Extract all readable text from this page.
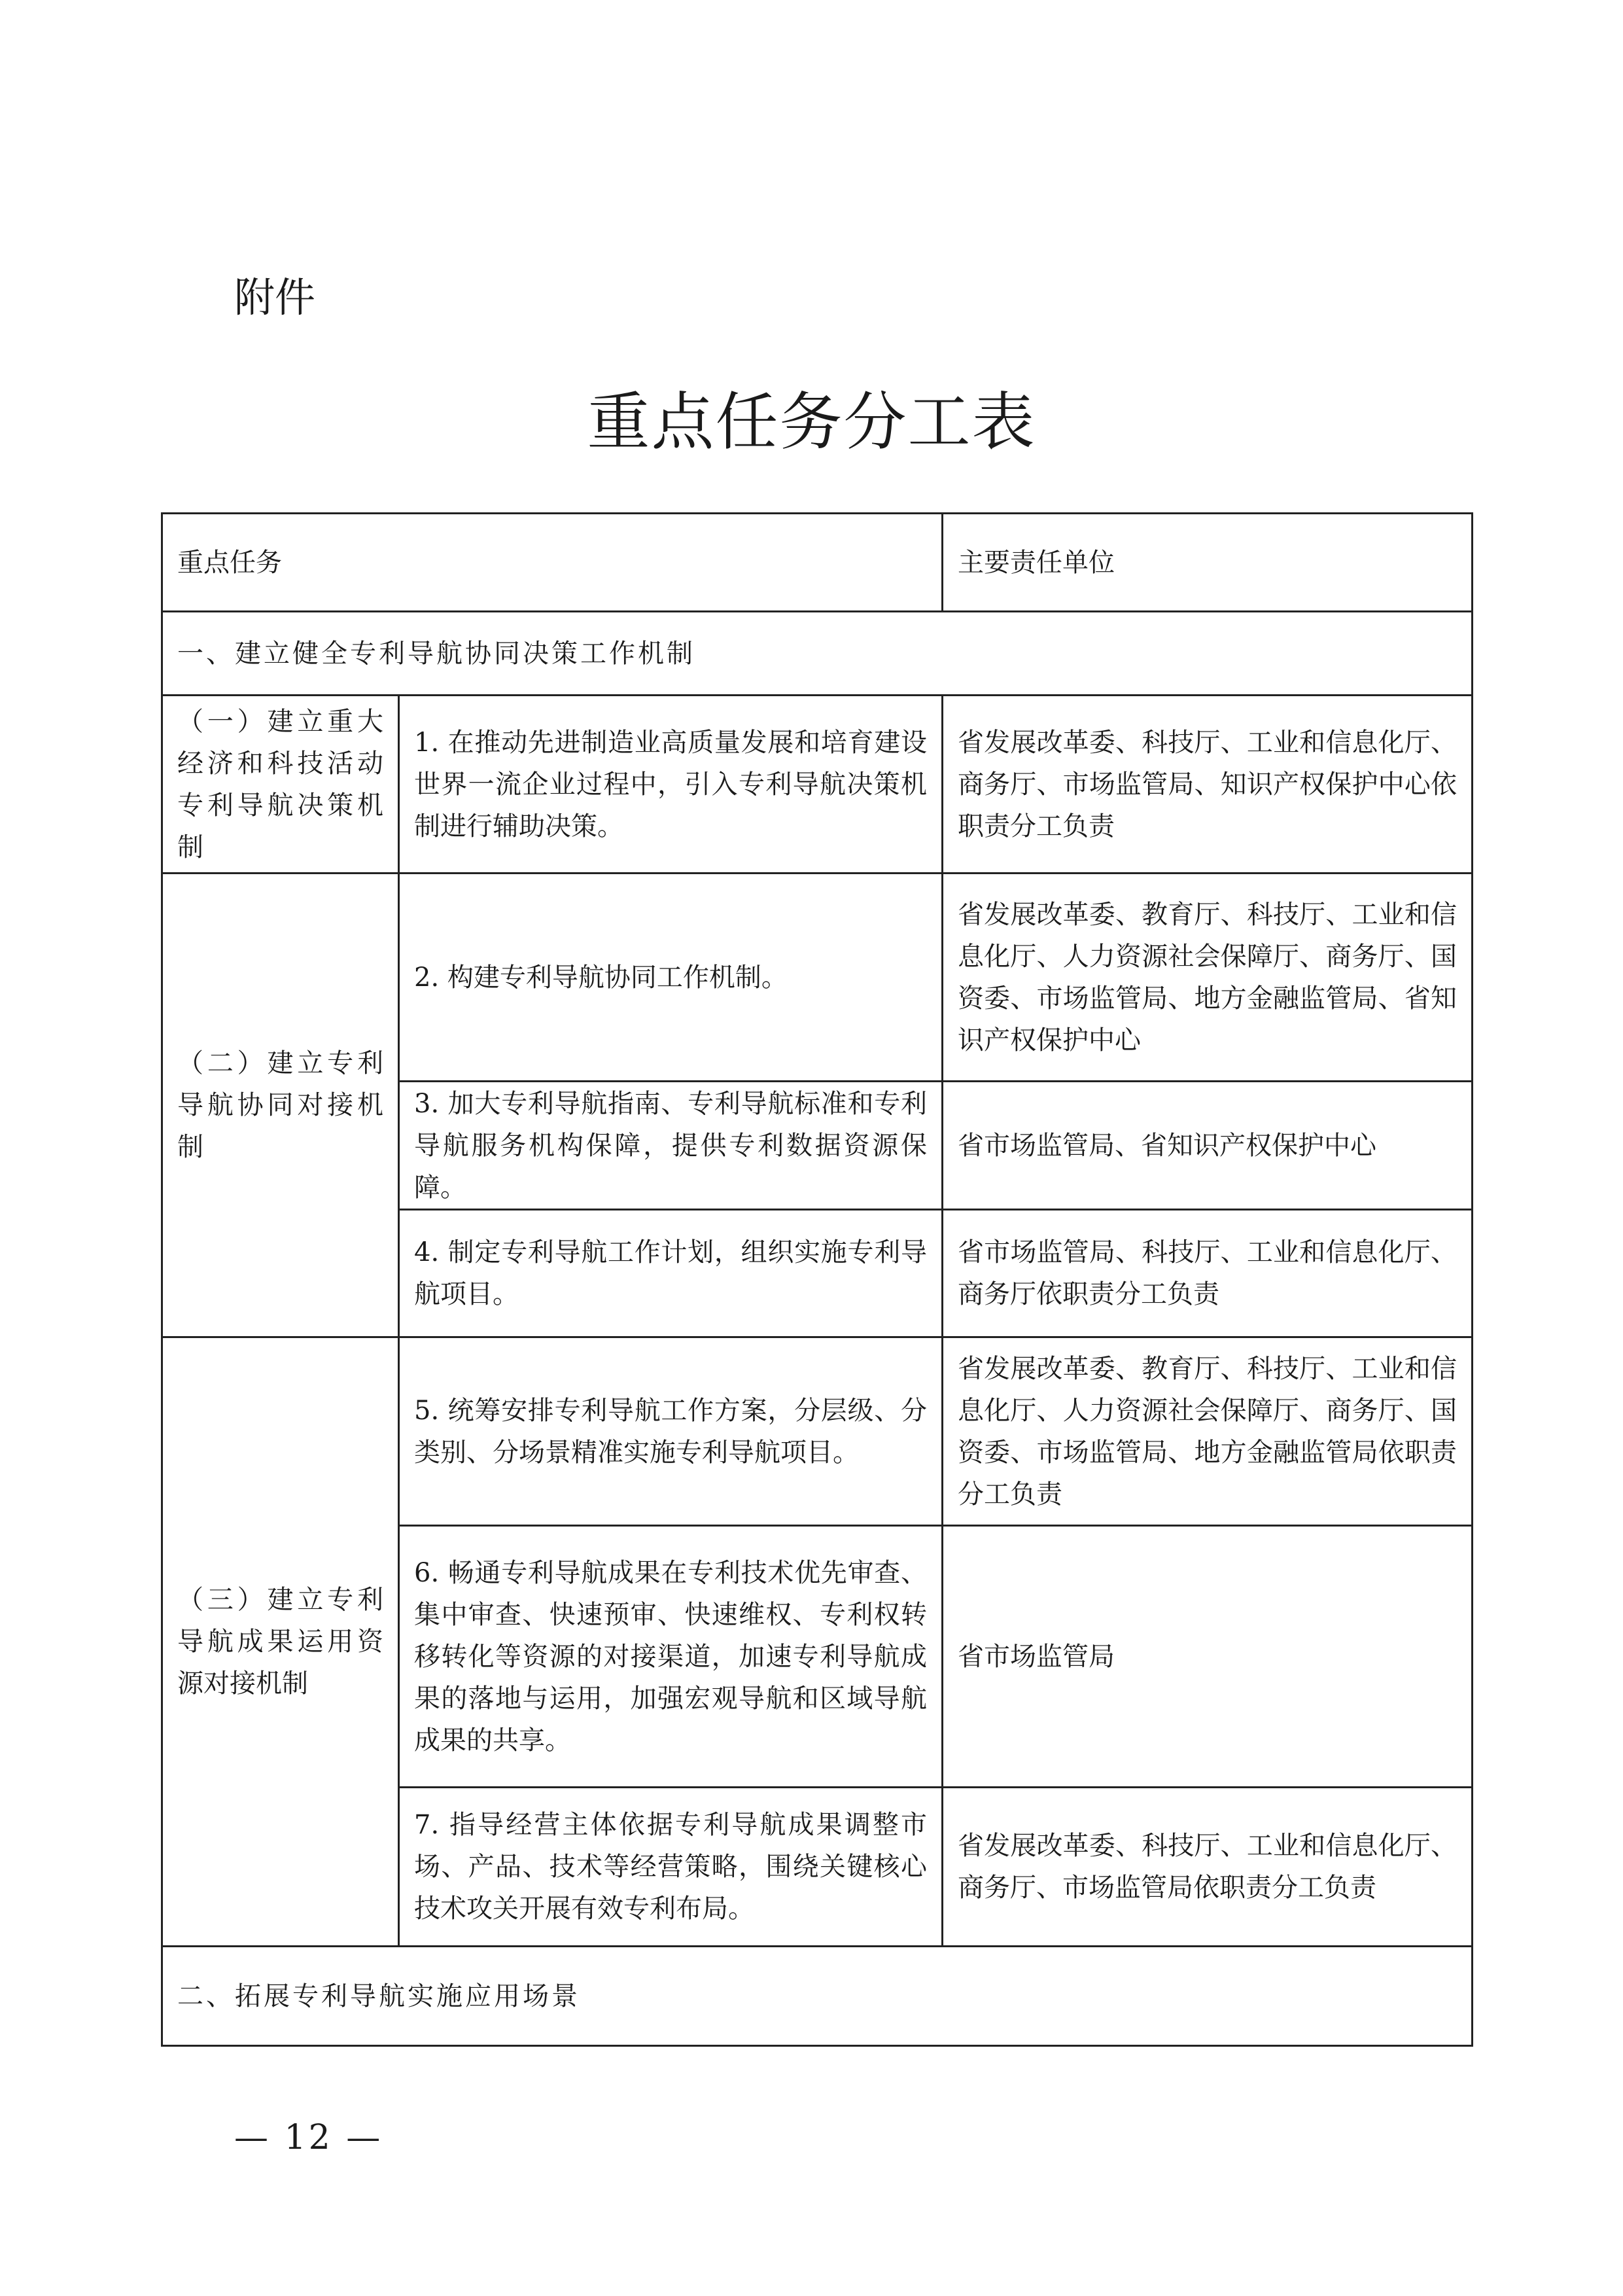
附件
重点任务分工表
重点任务		主要责任单位
一、建立健全专利导航协同决策工作机制		
（一）建立重大经济和科技活动专利导航决策机制	1. 在推动先进制造业高质量发展和培育建设世界一流企业过程中，引入专利导航决策机制进行辅助决策。	省发展改革委、科技厅、工业和信息化厅、商务厅、市场监管局、知识产权保护中心依职责分工负责
（二）建立专利导航协同对接机制	2. 构建专利导航协同工作机制。	省发展改革委、教育厅、科技厅、工业和信息化厅、人力资源社会保障厅、商务厅、国资委、市场监管局、地方金融监管局、省知识产权保护中心
	3. 加大专利导航指南、专利导航标准和专利导航服务机构保障，提供专利数据资源保障。	省市场监管局、省知识产权保护中心
	4. 制定专利导航工作计划，组织实施专利导航项目。	省市场监管局、科技厅、工业和信息化厅、商务厅依职责分工负责
（三）建立专利导航成果运用资源对接机制	5. 统筹安排专利导航工作方案，分层级、分类别、分场景精准实施专利导航项目。	省发展改革委、教育厅、科技厅、工业和信息化厅、人力资源社会保障厅、商务厅、国资委、市场监管局、地方金融监管局依职责分工负责
	6. 畅通专利导航成果在专利技术优先审查、集中审查、快速预审、快速维权、专利权转移转化等资源的对接渠道，加速专利导航成果的落地与运用，加强宏观导航和区域导航成果的共享。	省市场监管局
	7. 指导经营主体依据专利导航成果调整市场、产品、技术等经营策略，围绕关键核心技术攻关开展有效专利布局。	省发展改革委、科技厅、工业和信息化厅、商务厅、市场监管局依职责分工负责
二、拓展专利导航实施应用场景		
— 12 —
